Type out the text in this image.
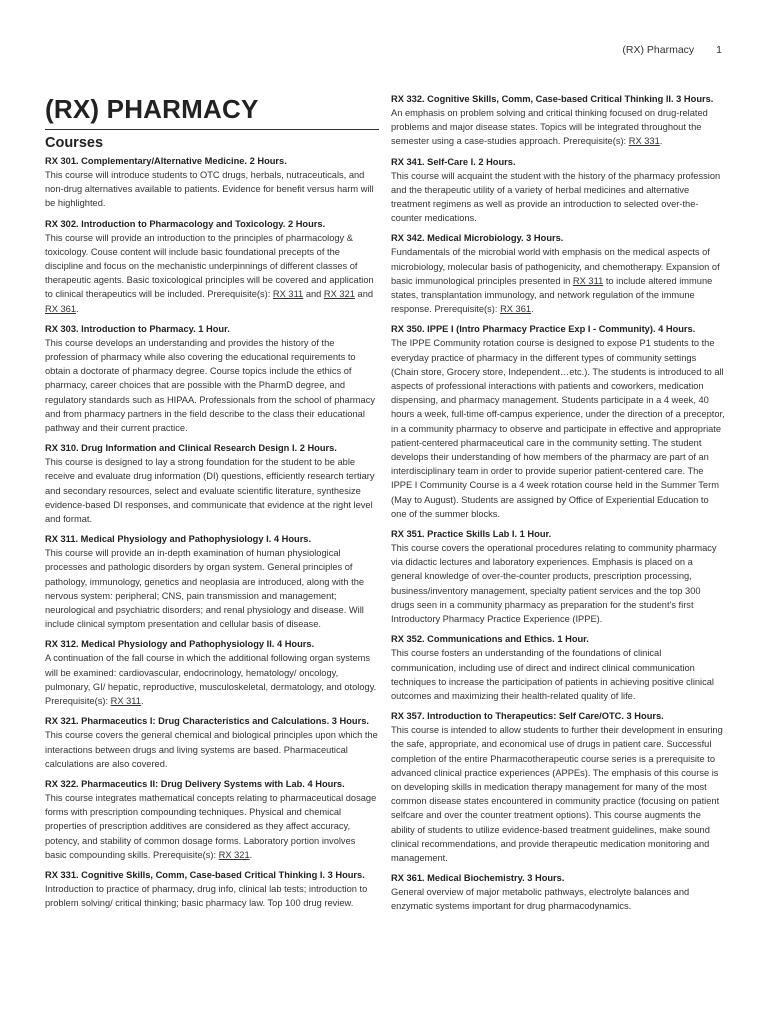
(RX) Pharmacy 1
(RX) PHARMACY
Courses
RX 301. Complementary/Alternative Medicine. 2 Hours.
This course will introduce students to OTC drugs, herbals, nutraceuticals, and non-drug alternatives available to patients. Evidence for benefit versus harm will be highlighted.
RX 302. Introduction to Pharmacology and Toxicology. 2 Hours.
This course will provide an introduction to the principles of pharmacology & toxicology. Couse content will include basic foundational precepts of the discipline and focus on the mechanistic underpinnings of different classes of therapeutic agents. Basic toxicological principles will be covered and application to clinical therapeutics will be included. Prerequisite(s): RX 311 and RX 321 and RX 361.
RX 303. Introduction to Pharmacy. 1 Hour.
This course develops an understanding and provides the history of the profession of pharmacy while also covering the educational requirements to obtain a doctorate of pharmacy degree. Course topics include the ethics of pharmacy, career choices that are possible with the PharmD degree, and regulatory standards such as HIPAA. Professionals from the school of pharmacy and from pharmacy partners in the field describe to the class their educational pathway and their current practice.
RX 310. Drug Information and Clinical Research Design I. 2 Hours.
This course is designed to lay a strong foundation for the student to be able receive and evaluate drug information (DI) questions, efficiently research tertiary and secondary resources, select and evaluate scientific literature, synthesize evidence-based DI responses, and communicate that evidence at the right level and format.
RX 311. Medical Physiology and Pathophysiology I. 4 Hours.
This course will provide an in-depth examination of human physiological processes and pathologic disorders by organ system. General principles of pathology, immunology, genetics and neoplasia are introduced, along with the nervous system: peripheral; CNS, pain transmission and management; neurological and psychiatric disorders; and renal physiology and disease. Will include clinical symptom presentation and cellular basis of disease.
RX 312. Medical Physiology and Pathophysiology II. 4 Hours.
A continuation of the fall course in which the additional following organ systems will be examined: cardiovascular, endocrinology, hematology/ oncology, pulmonary, GI/ hepatic, reproductive, musculoskeletal, dermatology, and otology. Prerequisite(s): RX 311.
RX 321. Pharmaceutics I: Drug Characteristics and Calculations. 3 Hours.
This course covers the general chemical and biological principles upon which the interactions between drugs and living systems are based. Pharmaceutical calculations are also covered.
RX 322. Pharmaceutics II: Drug Delivery Systems with Lab. 4 Hours.
This course integrates mathematical concepts relating to pharmaceutical dosage forms with prescription compounding techniques. Physical and chemical properties of prescription additives are considered as they affect accuracy, potency, and stability of common dosage forms. Laboratory portion involves basic compounding skills. Prerequisite(s): RX 321.
RX 331. Cognitive Skills, Comm, Case-based Critical Thinking I. 3 Hours.
Introduction to practice of pharmacy, drug info, clinical lab tests; introduction to problem solving/ critical thinking; basic pharmacy law. Top 100 drug review.
RX 332. Cognitive Skills, Comm, Case-based Critical Thinking II. 3 Hours.
An emphasis on problem solving and critical thinking focused on drug-related problems and major disease states. Topics will be integrated throughout the semester using a case-studies approach. Prerequisite(s): RX 331.
RX 341. Self-Care I. 2 Hours.
This course will acquaint the student with the history of the pharmacy profession and the therapeutic utility of a variety of herbal medicines and alternative treatment regimens as well as provide an introduction to selected over-the-counter medications.
RX 342. Medical Microbiology. 3 Hours.
Fundamentals of the microbial world with emphasis on the medical aspects of microbiology, molecular basis of pathogenicity, and chemotherapy. Expansion of basic immunological principles presented in RX 311 to include altered immune states, transplantation immunology, and network regulation of the immune response. Prerequisite(s): RX 361.
RX 350. IPPE I (Intro Pharmacy Practice Exp I - Community). 4 Hours.
The IPPE Community rotation course is designed to expose P1 students to the everyday practice of pharmacy in the different types of community settings (Chain store, Grocery store, Independent…etc.). The students is introduced to all aspects of professional interactions with patients and coworkers, medication dispensing, and pharmacy management. Students participate in a 4 week, 40 hours a week, full-time off-campus experience, under the direction of a preceptor, in a community pharmacy to observe and participate in effective and appropriate patient-centered pharmaceutical care in the community setting. The student develops their understanding of how members of the pharmacy are part of an interdisciplinary team in order to provide superior patient-centered care. The IPPE I Community Course is a 4 week rotation course held in the Summer Term (May to August). Students are assigned by Office of Experiential Education to one of the summer blocks.
RX 351. Practice Skills Lab I. 1 Hour.
This course covers the operational procedures relating to community pharmacy via didactic lectures and laboratory experiences. Emphasis is placed on a general knowledge of over-the-counter products, prescription processing, business/inventory management, specialty patient services and the top 300 drugs seen in a community pharmacy as preparation for the student's first Introductory Pharmacy Practice Experience (IPPE).
RX 352. Communications and Ethics. 1 Hour.
This course fosters an understanding of the foundations of clinical communication, including use of direct and indirect clinical communication techniques to increase the participation of patients in achieving positive clinical outcomes and maximizing their health-related quality of life.
RX 357. Introduction to Therapeutics: Self Care/OTC. 3 Hours.
This course is intended to allow students to further their development in ensuring the safe, appropriate, and economical use of drugs in patient care. Successful completion of the entire Pharmacotherapeutic course series is a prerequisite to advanced clinical practice experiences (APPEs). The emphasis of this course is on developing skills in medication therapy management for many of the most common disease states encountered in community practice (focusing on patient selfcare and over the counter treatment options). This course augments the ability of students to utilize evidence-based treatment guidelines, make sound clinical recommendations, and provide therapeutic medication monitoring and management.
RX 361. Medical Biochemistry. 3 Hours.
General overview of major metabolic pathways, electrolyte balances and enzymatic systems important for drug pharmacodynamics.
